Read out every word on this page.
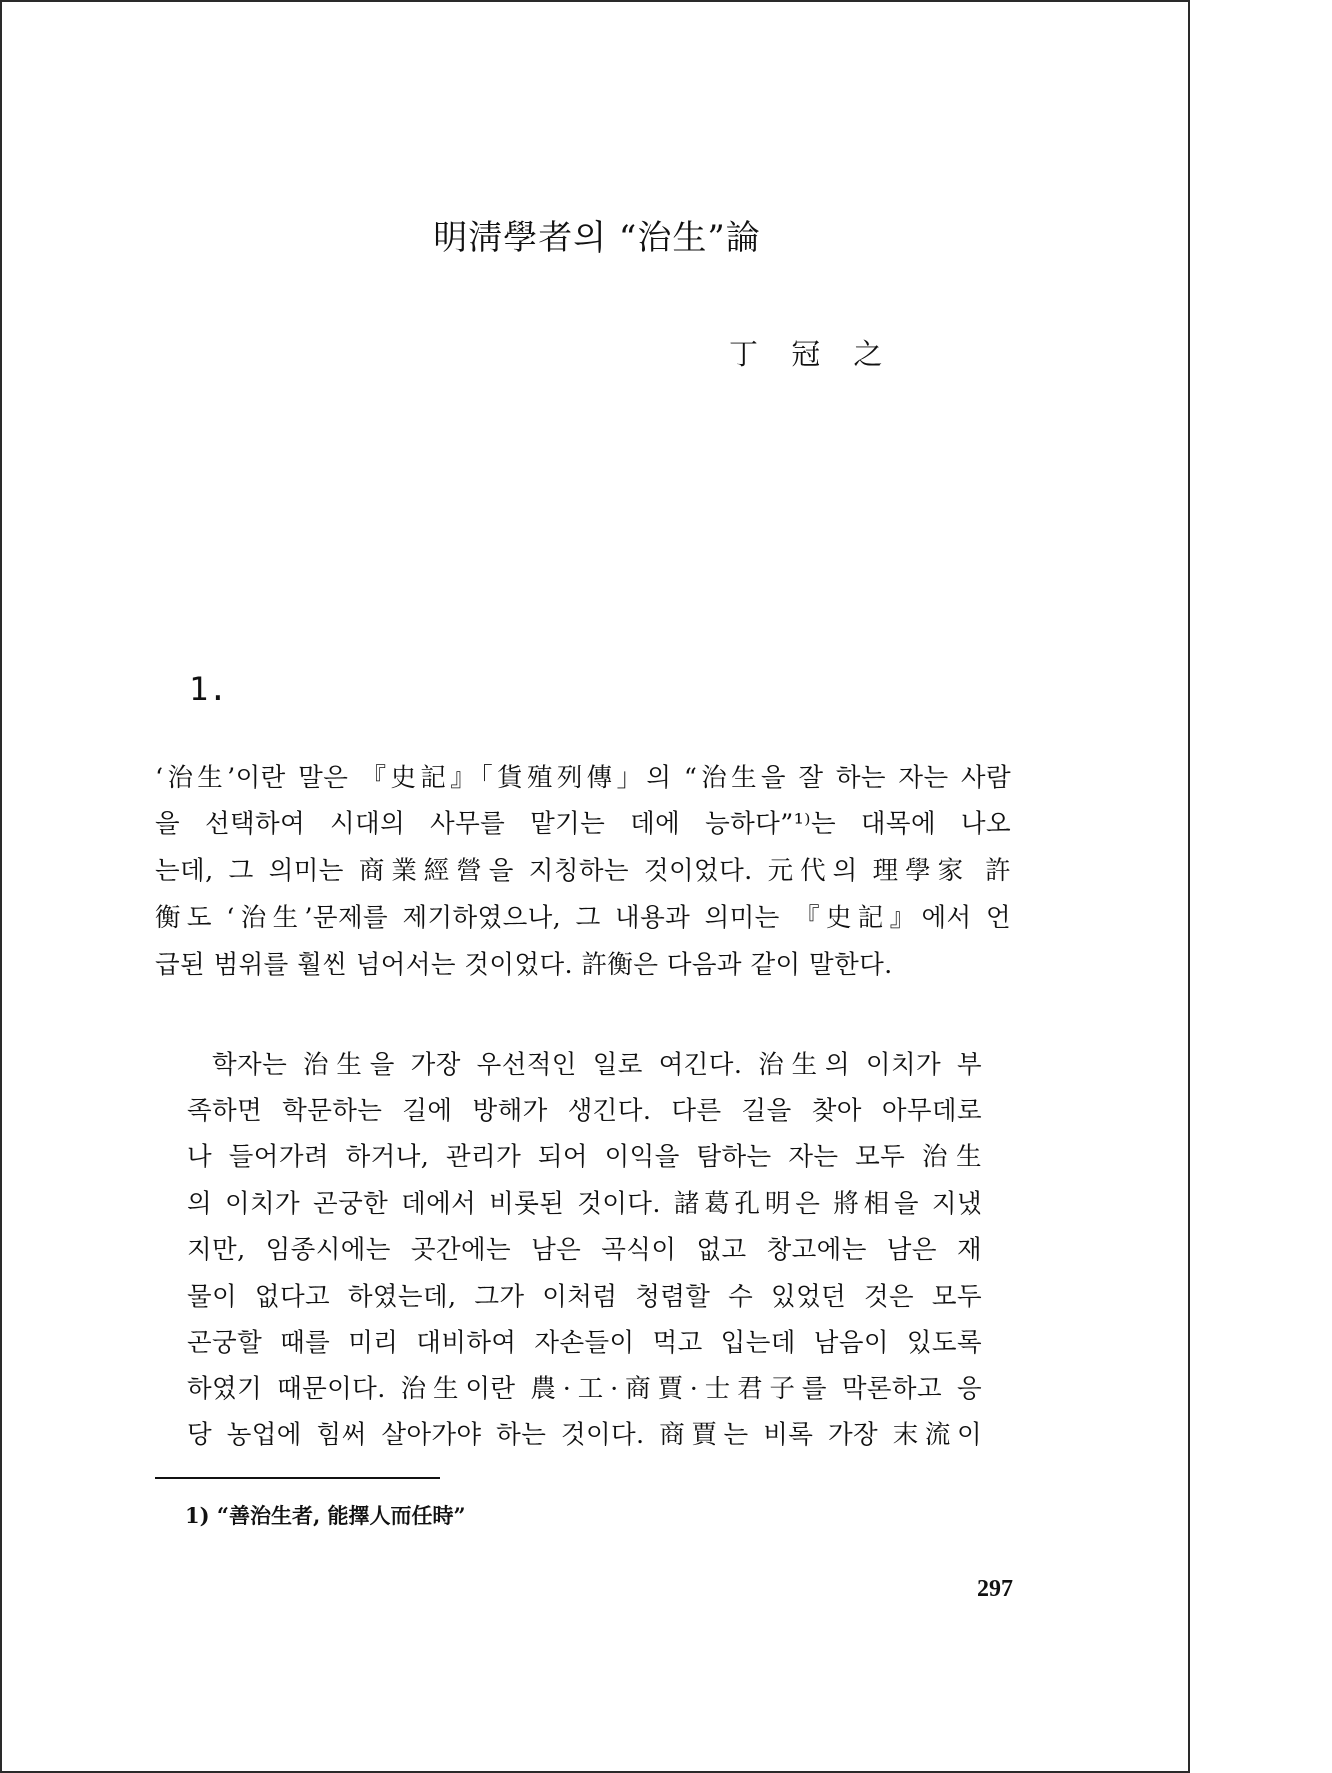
明淸學者의 “治生”論
丁 冠 之
1.
‘治生’이란 말은 『史記』「貨殖列傳」의 “治生을 잘 하는 자는 사람
을 선택하여 시대의 사무를 맡기는 데에 능하다”¹⁾는 대목에 나오
는데, 그 의미는 商業經營을 지칭하는 것이었다. 元代의 理學家 許
衡도 ‘治生’문제를 제기하였으나, 그 내용과 의미는 『史記』에서 언
급된 범위를 훨씬 넘어서는 것이었다. 許衡은 다음과 같이 말한다.
학자는 治生을 가장 우선적인 일로 여긴다. 治生의 이치가 부
족하면 학문하는 길에 방해가 생긴다. 다른 길을 찾아 아무데로
나 들어가려 하거나, 관리가 되어 이익을 탐하는 자는 모두 治生
의 이치가 곤궁한 데에서 비롯된 것이다. 諸葛孔明은 將相을 지냈
지만, 임종시에는 곳간에는 남은 곡식이 없고 창고에는 남은 재
물이 없다고 하였는데, 그가 이처럼 청렴할 수 있었던 것은 모두
곤궁할 때를 미리 대비하여 자손들이 먹고 입는데 남음이 있도록
하였기 때문이다. 治生이란 農·工·商賈·士君子를 막론하고 응
당 농업에 힘써 살아가야 하는 것이다. 商賈는 비록 가장 末流이
1) “善治生者, 能擇人而任時”
297
